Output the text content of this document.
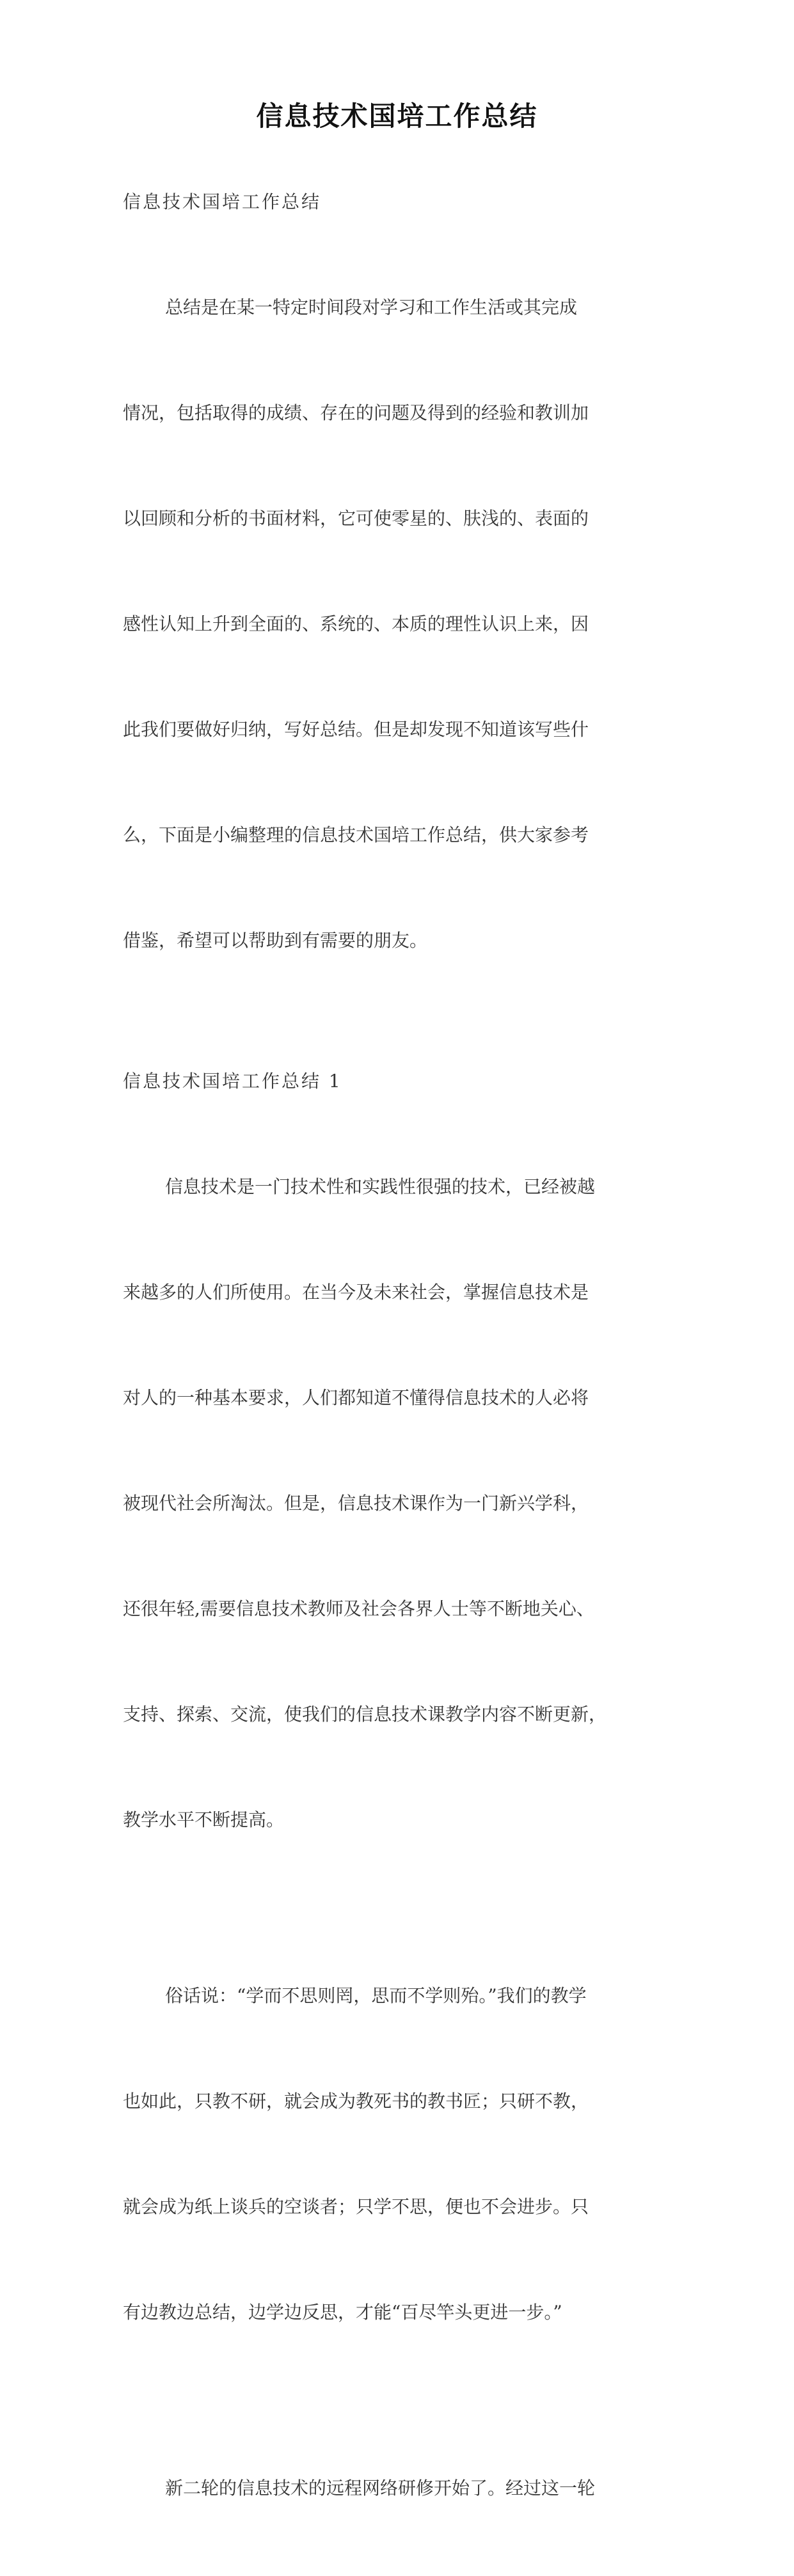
信息技术国培工作总结
信息技术国培工作总结

总结是在某一特定时间段对学习和工作生活或其完成

情况，包括取得的成绩、存在的问题及得到的经验和教训加

以回顾和分析的书面材料，它可使零星的、肤浅的、表面的

感性认知上升到全面的、系统的、本质的理性认识上来，因

此我们要做好归纳，写好总结。但是却发现不知道该写些什

么，下面是小编整理的信息技术国培工作总结，供大家参考

借鉴，希望可以帮助到有需要的朋友。

信息技术国培工作总结 1

信息技术是一门技术性和实践性很强的技术，已经被越

来越多的人们所使用。在当今及未来社会，掌握信息技术是

对人的一种基本要求，人们都知道不懂得信息技术的人必将

被现代社会所淘汰。但是，信息技术课作为一门新兴学科，

还很年轻,需要信息技术教师及社会各界人士等不断地关心、

支持、探索、交流，使我们的信息技术课教学内容不断更新，

教学水平不断提高。

俗话说：“学而不思则罔，思而不学则殆。”我们的教学

也如此，只教不研，就会成为教死书的教书匠；只研不教，

就会成为纸上谈兵的空谈者；只学不思，便也不会进步。只

有边教边总结，边学边反思，才能“百尽竿头更进一步。”

新二轮的信息技术的远程网络研修开始了。经过这一轮
